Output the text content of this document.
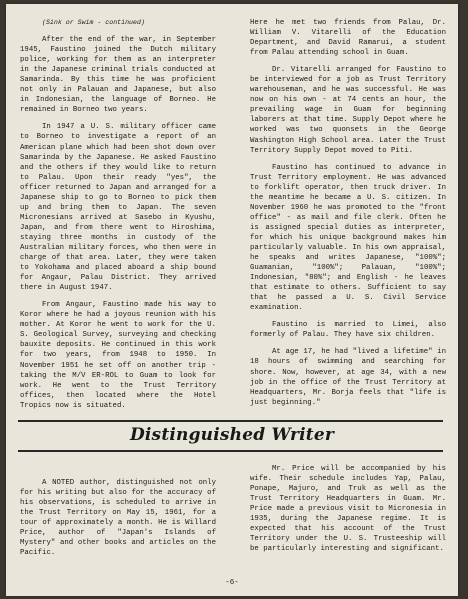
(Sink or Swim - continued)

After the end of the war, in September 1945, Faustino joined the Dutch military police, working for them as an interpreter in the Japanese criminal trials conducted at Samarinda. By this time he was proficient not only in Palauan and Japanese, but also in Indonesian, the language of Borneo. He remained in Borneo two years.

In 1947 a U. S. military officer came to Borneo to investigate a report of an American plane which had been shot down over Samarinda by the Japanese. He asked Faustino and the others if they would like to return to Palau. Upon their ready "yes", the officer returned to Japan and arranged for a Japanese ship to go to Borneo to pick them up and bring them to Japan. The seven Micronesians arrived at Sasebo in Kyushu, Japan, and from there went to Hiroshima, staying three months in custody of the Australian military forces, who then were in charge of that area. Later, they were taken to Yokohama and placed aboard a ship bound for Angaur, Palau District. They arrived there in August 1947.

From Angaur, Faustino made his way to Koror where he had a joyous reunion with his mother. At Koror he went to work for the U. S. Geological Survey, surveying and checking bauxite deposits. He continued in this work for two years, from 1948 to 1950. In November 1951 he set off on another trip - taking the M/V ER-ROL to Guam to look for work. He went to the Trust Territory offices, then located where the Hotel Tropics now is situated.

Here he met two friends from Palau, Dr. William V. Vitarelli of the Education Department, and David Ramarui, a student from Palau attending school in Guam.

Dr. Vitarelli arranged for Faustino to be interviewed for a job as Trust Territory warehouseman, and he was successful. He was now on his own - at 74 cents an hour, the prevailing wage in Guam for beginning laborers at that time. Supply Depot where he worked was two quonsets in the George Washington High School area. Later the Trust Territory Supply Depot moved to Piti.

Faustino has continued to advance in Trust Territory employment. He was advanced to forklift operator, then truck driver. In the meantime he became a U. S. citizen. In November 1960 he was promoted to the "front office" - as mail and file clerk. Often he is assigned special duties as interpreter, for which his unique background makes him particularly valuable. In his own appraisal, he speaks and writes Japanese, "100%"; Guamanian, "100%"; Palauan, "100%"; Indonesian, "80%"; and English - he leaves that estimate to others. Sufficient to say that he passed a U. S. Civil Service examination.

Faustino is married to Limei, also formerly of Palau. They have six children.

At age 17, he had "lived a lifetime" in 18 hours of swimming and searching for shore. Now, however, at age 34, with a new job in the office of the Trust Territory at Headquarters, Mr. Borja feels that "life is just beginning."

Distinguished Writer

A NOTED author, distinguished not only for his writing but also for the accuracy of his observations, is scheduled to arrive in the Trust Territory on May 15, 1961, for a tour of approximately a month. He is Willard Price, author of "Japan's Islands of Mystery" and other books and articles on the Pacific.

Mr. Price will be accompanied by his wife. Their schedule includes Yap, Palau, Ponape, Majuro, and Truk as well as the Trust Territory Headquarters in Guam. Mr. Price made a previous visit to Micronesia in 1935, during the Japanese regime. It is expected that his account of the Trust Territory under the U. S. Trusteeship will be particularly interesting and significant.

-6-
